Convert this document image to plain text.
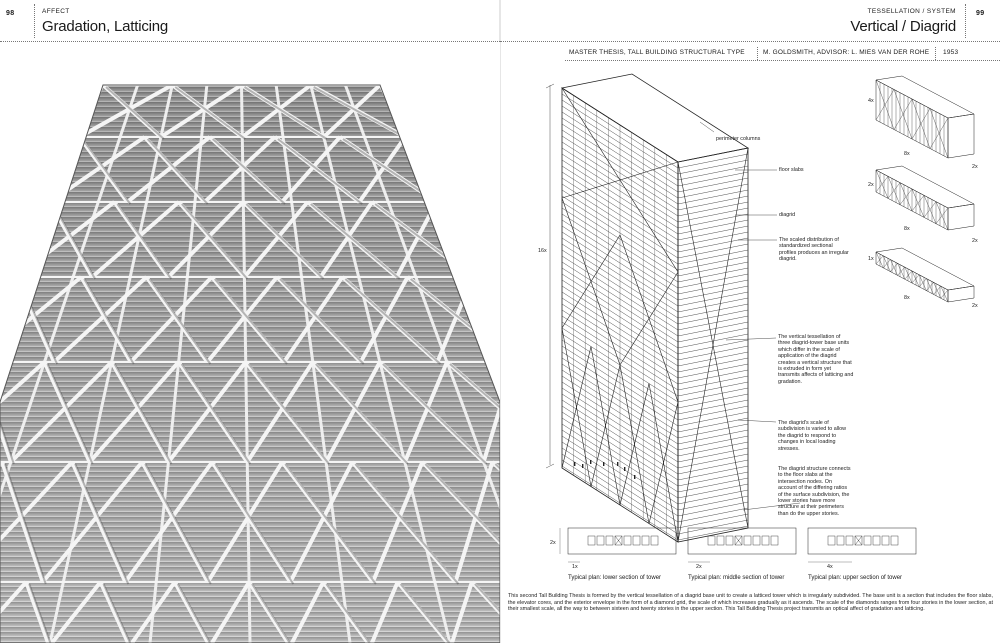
98	AFFECT
Gradation, Latticing
TESSELLATION / SYSTEM
Vertical / Diagrid
99
MASTER THESIS, TALL BUILDING STRUCTURAL TYPE	M. GOLDSMITH, ADVISOR: L. MIES VAN DER ROHE 1953
perimeter columns
floor slabs
diagrid
The scaled distribution of standardized sectional profiles produces an irregular diagrid.
The vertical tessellation of three diagrid-tower base units which differ in the scale of application of the diagrid creates a vertical structure that is extruded in form yet transmits affects of latticing and gradation.
The diagrid's scale of subdivision is varied to allow the diagrid to respond to changes in local loading stresses.
The diagrid structure connects to the floor slabs at the intersection nodes. On account of the differing ratios of the surface subdivision, the lower stories have more structure at their perimeters than do the upper stories.
16x
4x
8x
2x
2x
8x
2x
1x
8x
2x
2x
1x	2x	4x
Typical plan: lower section of tower	Typical plan: middle section of tower	Typical plan: upper section of tower

This second Tall Building Thesis is formed by the vertical tessellation of a diagrid base unit to create a latticed tower which is irregularly subdivided. The base unit is a section that includes the floor slabs, the elevator cores, and the exterior envelope in the form of a diamond grid, the scale of which increases gradually as it ascends. The scale of the diamonds ranges from four stories in the lower section, at their smallest scale, all the way to between sixteen and twenty stories in the upper section. This Tall Building Thesis project transmits an optical affect of gradation and latticing.
